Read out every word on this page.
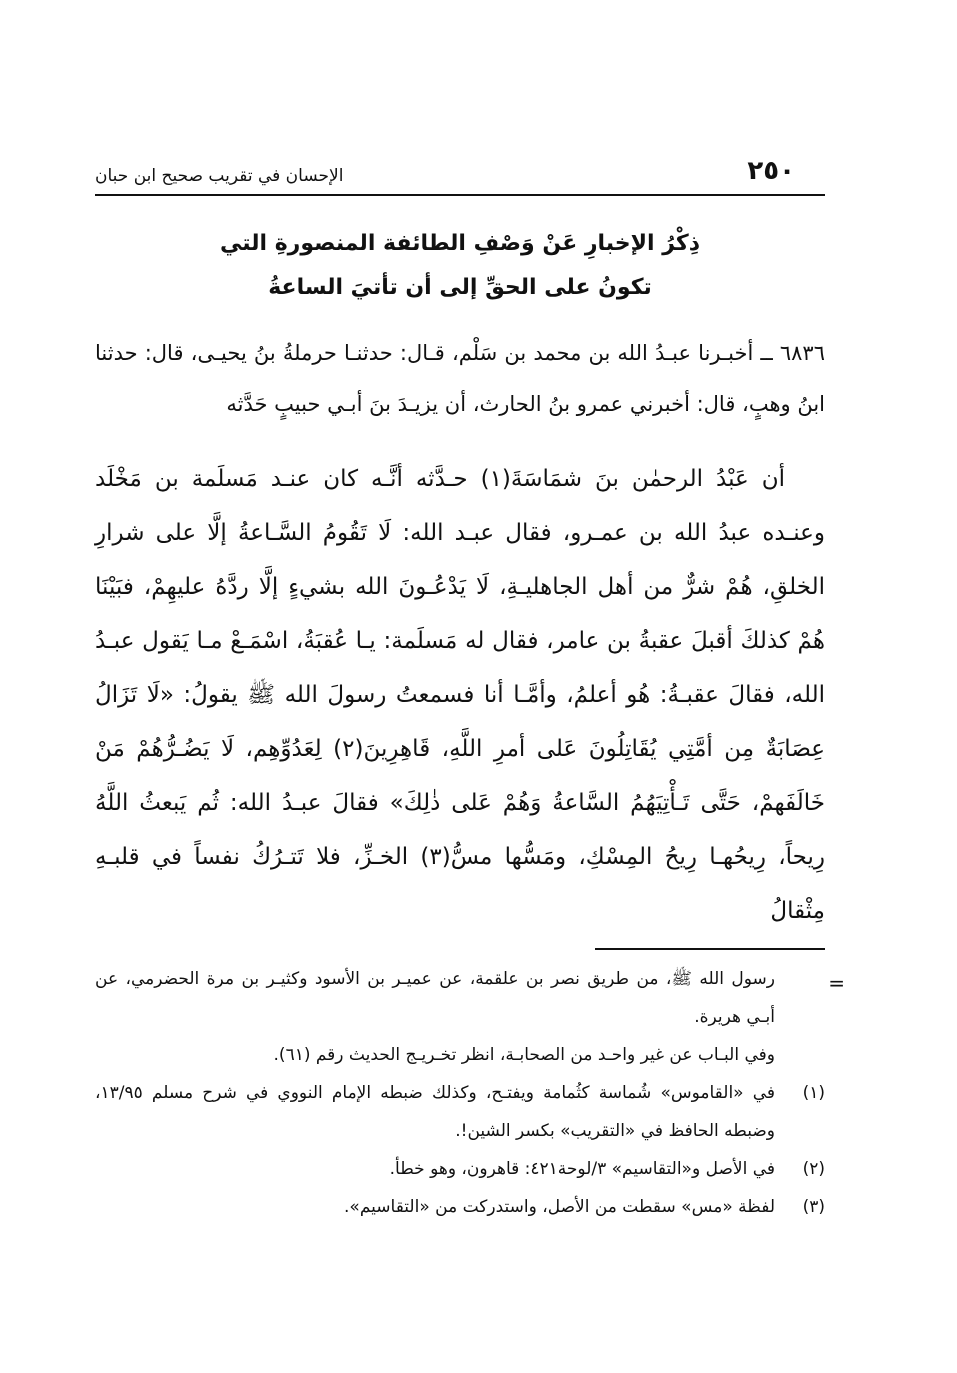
٢٥٠
الإحسان في تقريب صحيح ابن حبان
ذِكْرُ الإخبارِ عَنْ وَصْفِ الطائفة المنصورةِ التي
تكونُ على الحقِّ إلى أن تأتيَ الساعةُ
٦٨٣٦ ــ أخبـرنا عبـدُ الله بن محمد بن سَلْم، قـال: حدثنـا حرملةُ بنُ يحيـى، قال: حدثنا ابنُ وهبٍ، قال: أخبرني عمرو بنُ الحارث، أن يزيـدَ بنَ أبـي حبيبٍ حَدَّثه
أن عَبْدُ الرحمٰن بنَ شمَاسَةَ(١) حـدَّثه أنَّـه كان عنـد مَسلَمة بن مَخْلَد وعنـده عبدُ الله بن عمـرو، فقال عبـد الله: لَا تَقُومُ السَّـاعةُ إلَّا على شرارِ الخلقِ، هُمْ شرٌّ من أهل الجاهليـةِ، لَا يَدْعُـونَ الله بشيءٍ إلَّا ردَّهُ عليهِمْ، فبَيْنَا هُمْ كذلكَ أقبلَ عقبةُ بن عامر، فقال له مَسلَمة: يـا عُقبَةُ، اسْمَـعْ مـا يَقول عبـدُ الله، فقالَ عقبـةُ: هُو أعلمُ، وأمَّـا أنا فسمعتُ رسولَ الله ﷺ يقولُ: «لَا تَزَالُ عِصَابَةٌ مِن أمَّتِي يُقَاتِلُونَ عَلى أمرِ اللَّهِ، قَاهِرِينَ(٢) لِعَدُوِّهِم، لَا يَضُـرُّهُمْ مَنْ خَالَفَهمْ، حَتَّى تَـأْتِيَهُمُ السَّاعةُ وَهُمْ عَلى ذٰلِكَ» فقالَ عبـدُ الله: ثُم يَبعثُ اللَّهُ رِيحاً، رِيحُهـا رِيحُ المِسْكِ، ومَسُّها مسُّ(٣) الخـزِّ، فلا تَتـرُكُ نفساً في قلبـهِ مِثْقالُ
=
رسول الله ﷺ، من طريق نصر بن علقمة، عن عميـر بن الأسود وكثيـر بن مرة الحضرمي، عن أبـي هريرة.
وفي البـاب عن غير واحـد من الصحابـة، انظر تخـريـج الحديث رقم (٦١).
(١)
في «القاموس» شُماسة كثُمامة ويفتـح، وكذلك ضبطه الإمام النووي في شرح مسلم ١٣/٩٥، وضبطه الحافظ في «التقريب» بكسر الشين!.
(٢)
في الأصل و«التقاسيم» ٣/لوحة٤٢١: قاهرون، وهو خطأ.
(٣)
لفظة «مس» سقطت من الأصل، واستدركت من «التقاسيم».
